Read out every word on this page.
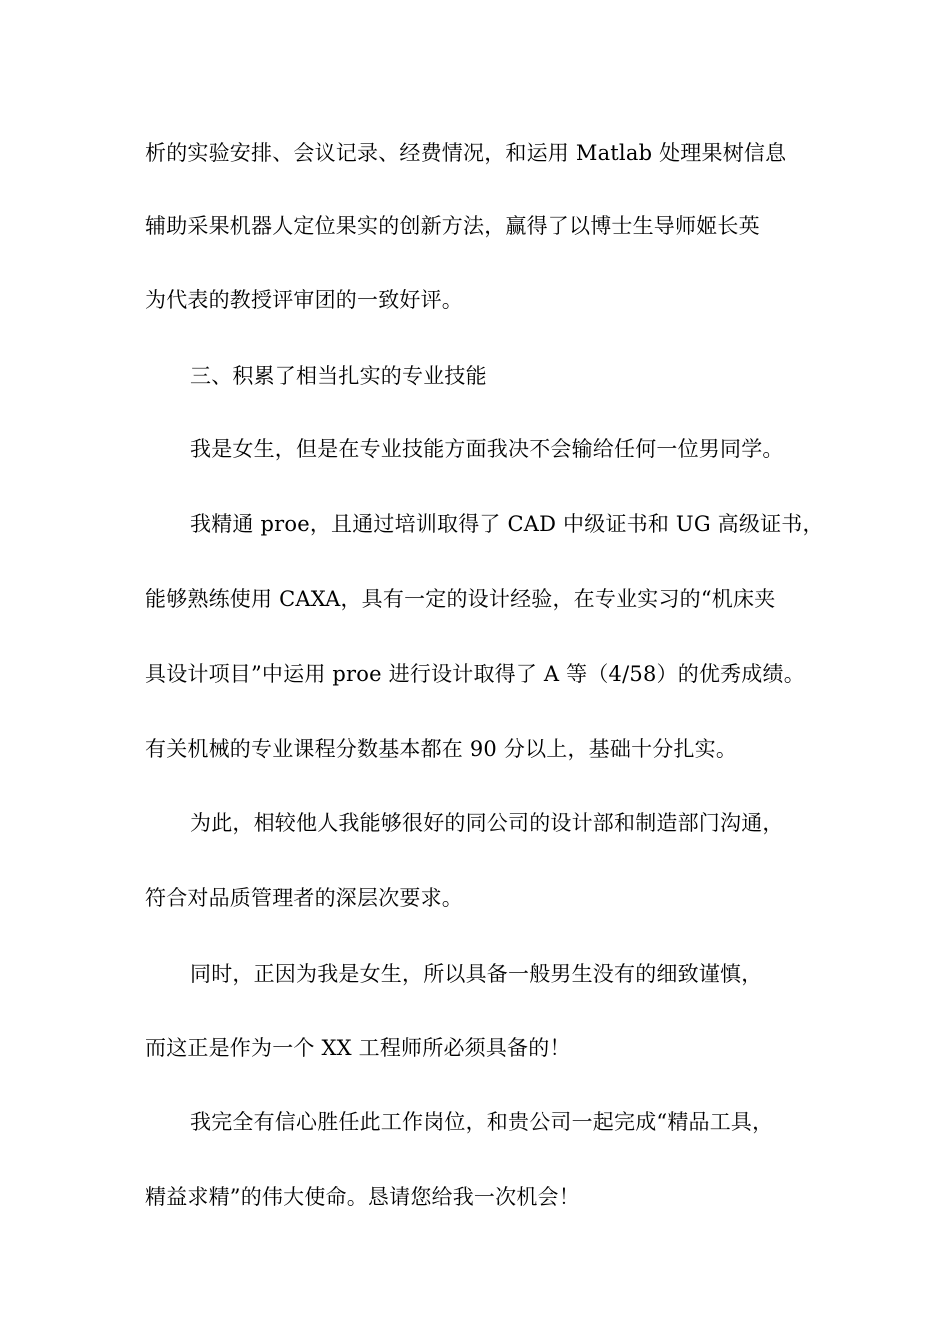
析的实验安排、会议记录、经费情况，和运用 Matlab 处理果树信息
辅助采果机器人定位果实的创新方法，赢得了以博士生导师姬长英
为代表的教授评审团的一致好评。
三、积累了相当扎实的专业技能
我是女生，但是在专业技能方面我决不会输给任何一位男同学。
我精通 proe，且通过培训取得了 CAD 中级证书和 UG 高级证书，
能够熟练使用 CAXA，具有一定的设计经验，在专业实习的“机床夹
具设计项目”中运用 proe 进行设计取得了 A 等（4/58）的优秀成绩。
有关机械的专业课程分数基本都在 90 分以上，基础十分扎实。
为此，相较他人我能够很好的同公司的设计部和制造部门沟通，
符合对品质管理者的深层次要求。
同时，正因为我是女生，所以具备一般男生没有的细致谨慎，
而这正是作为一个 XX 工程师所必须具备的！
我完全有信心胜任此工作岗位，和贵公司一起完成“精品工具，
精益求精”的伟大使命。恳请您给我一次机会！
